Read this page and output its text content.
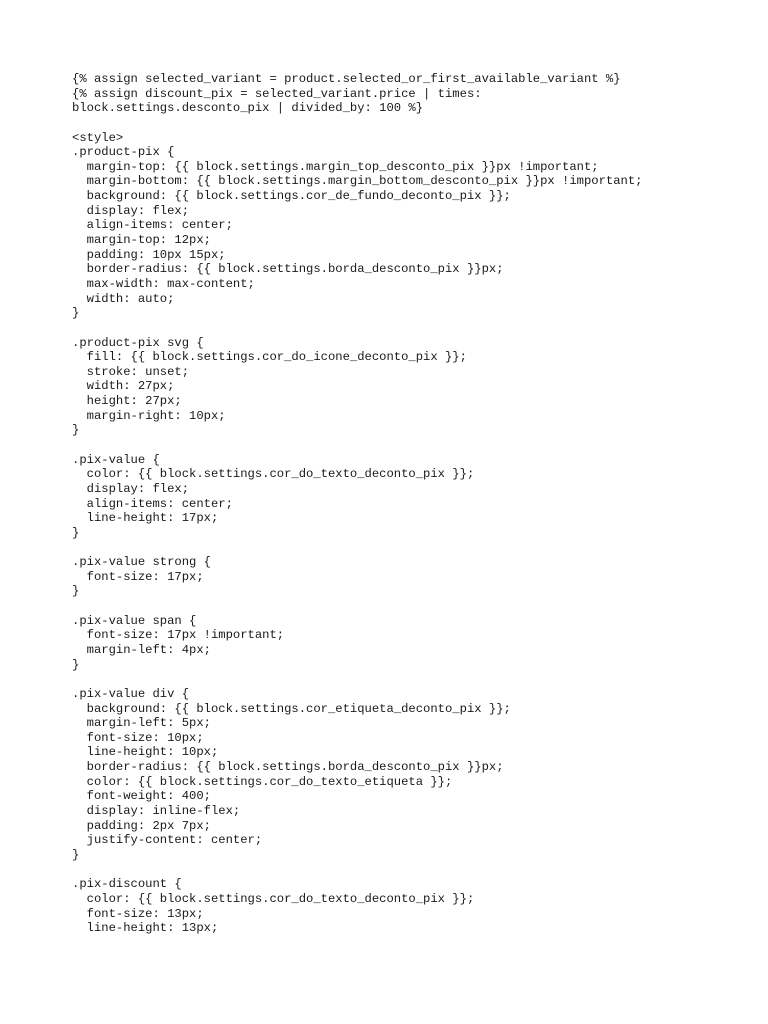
{% assign selected_variant = product.selected_or_first_available_variant %}
{% assign discount_pix = selected_variant.price | times:
block.settings.desconto_pix | divided_by: 100 %}
<style>
.product-pix {
margin-top: {{ block.settings.margin_top_desconto_pix }}px !important;
margin-bottom: {{ block.settings.margin_bottom_desconto_pix }}px !important;
background: {{ block.settings.cor_de_fundo_deconto_pix }};
display: flex;
align-items: center;
margin-top: 12px;
padding: 10px 15px;
border-radius: {{ block.settings.borda_desconto_pix }}px;
max-width: max-content;
width: auto;
}
.product-pix svg {
fill: {{ block.settings.cor_do_icone_deconto_pix }};
stroke: unset;
width: 27px;
height: 27px;
margin-right: 10px;
}
.pix-value {
color: {{ block.settings.cor_do_texto_deconto_pix }};
display: flex;
align-items: center;
line-height: 17px;
}
.pix-value strong {
font-size: 17px;
}
.pix-value span {
font-size: 17px !important;
margin-left: 4px;
}
.pix-value div {
background: {{ block.settings.cor_etiqueta_deconto_pix }};
margin-left: 5px;
font-size: 10px;
line-height: 10px;
border-radius: {{ block.settings.borda_desconto_pix }}px;
color: {{ block.settings.cor_do_texto_etiqueta }};
font-weight: 400;
display: inline-flex;
padding: 2px 7px;
justify-content: center;
}
.pix-discount {
color: {{ block.settings.cor_do_texto_deconto_pix }};
font-size: 13px;
line-height: 13px;
